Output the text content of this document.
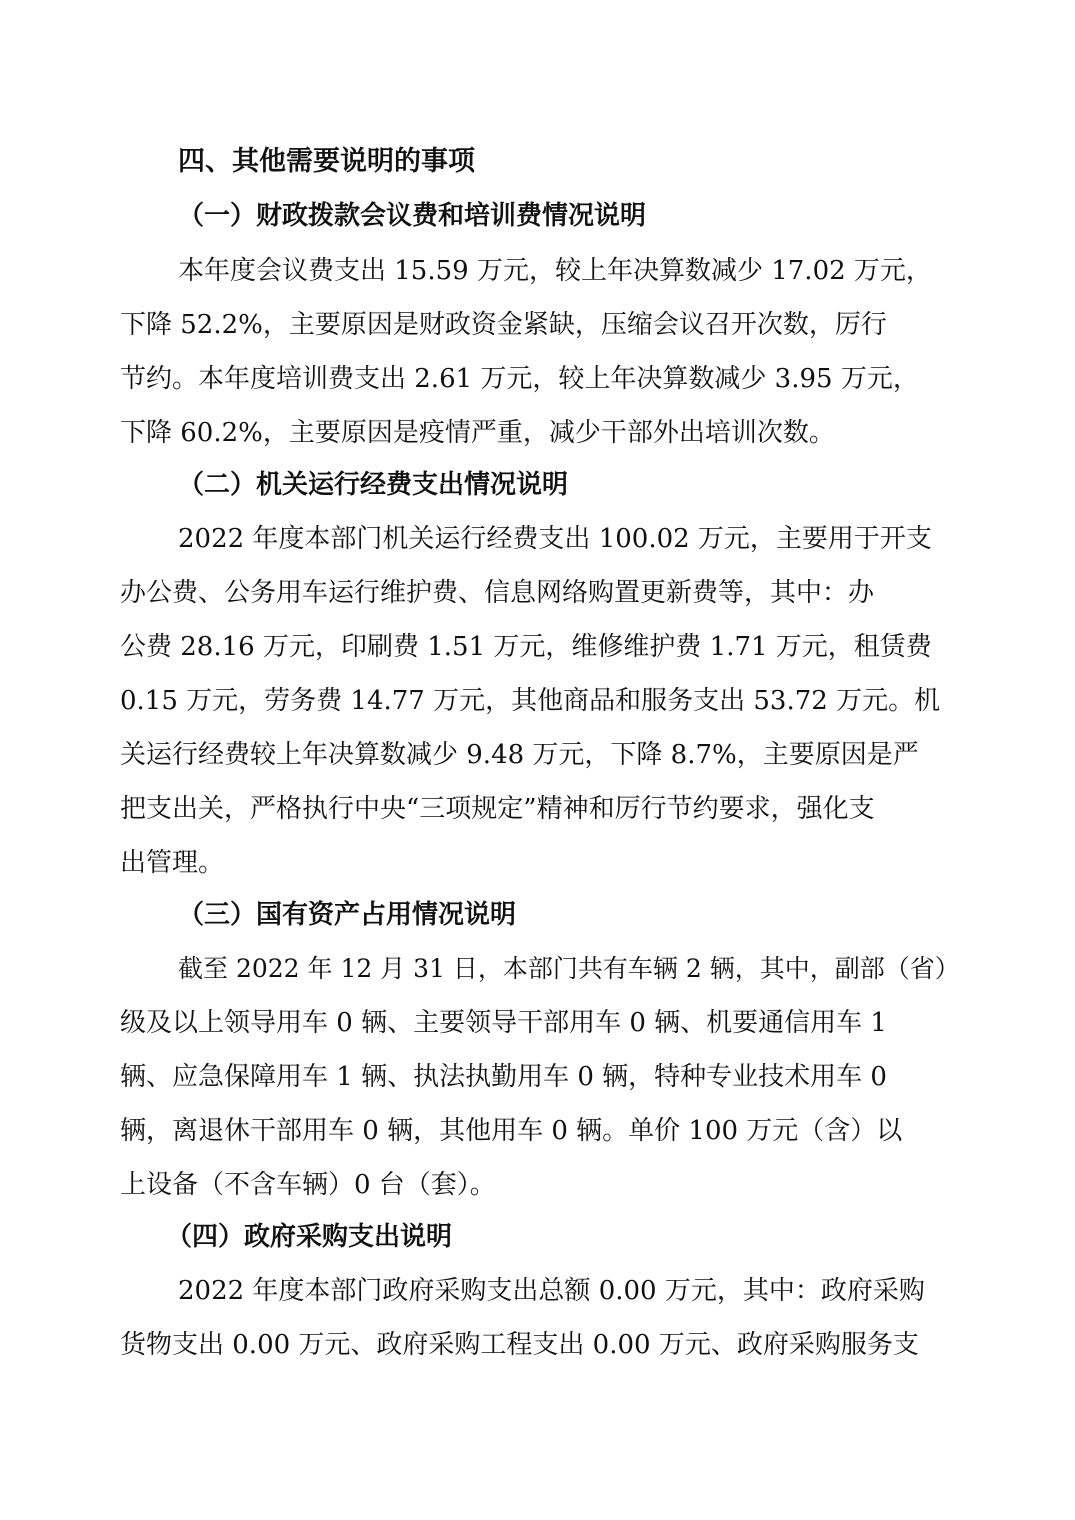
四、其他需要说明的事项
（一）财政拨款会议费和培训费情况说明
本年度会议费支出 15.59 万元，较上年决算数减少 17.02 万元，
下降 52.2%，主要原因是财政资金紧缺，压缩会议召开次数，厉行
节约。本年度培训费支出 2.61 万元，较上年决算数减少 3.95 万元，
下降 60.2%，主要原因是疫情严重，减少干部外出培训次数。
（二）机关运行经费支出情况说明
2022 年度本部门机关运行经费支出 100.02 万元，主要用于开支
办公费、公务用车运行维护费、信息网络购置更新费等，其中：办
公费 28.16 万元，印刷费 1.51 万元，维修维护费 1.71 万元，租赁费
0.15 万元，劳务费 14.77 万元，其他商品和服务支出 53.72 万元。机
关运行经费较上年决算数减少 9.48 万元，下降 8.7%，主要原因是严
把支出关，严格执行中央“三项规定”精神和厉行节约要求，强化支
出管理。
（三）国有资产占用情况说明
截至 2022 年 12 月 31 日，本部门共有车辆 2 辆，其中，副部（省）
级及以上领导用车 0 辆、主要领导干部用车 0 辆、机要通信用车 1
辆、应急保障用车 1 辆、执法执勤用车 0 辆，特种专业技术用车 0
辆，离退休干部用车 0 辆，其他用车 0 辆。单价 100 万元（含）以
上设备（不含车辆）0 台（套）。
（四）政府采购支出说明
2022 年度本部门政府采购支出总额 0.00 万元，其中：政府采购
货物支出 0.00 万元、政府采购工程支出 0.00 万元、政府采购服务支
